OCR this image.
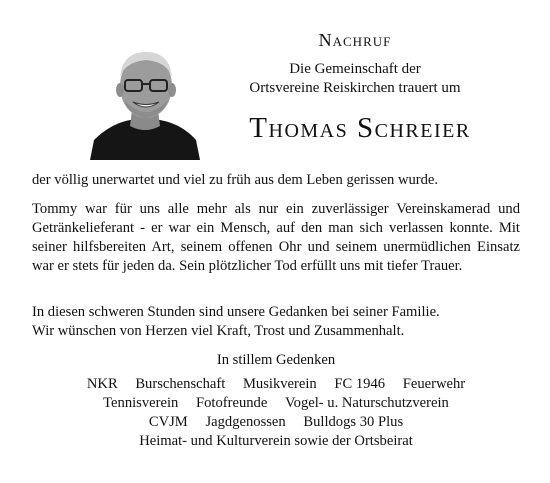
Nachruf
Die Gemeinschaft der
Ortsvereine Reiskirchen trauert um
Thomas Schreier
der völlig unerwartet und viel zu früh aus dem Leben gerissen wurde.
Tommy war für uns alle mehr als nur ein zuverlässiger Vereinskamerad und Getränkelieferant - er war ein Mensch, auf den man sich verlassen konnte. Mit seiner hilfsbereiten Art, seinem offenen Ohr und seinem unermüdlichen Einsatz war er stets für jeden da. Sein plötzlicher Tod erfüllt uns mit tiefer Trauer.
In diesen schweren Stunden sind unsere Gedanken bei seiner Familie.
Wir wünschen von Herzen viel Kraft, Trost und Zusammenhalt.
In stillem Gedenken
NKR Burschenschaft Musikverein FC 1946 Feuerwehr
Tennisverein Fotofreunde Vogel- u. Naturschutzverein
CVJM Jagdgenossen Bulldogs 30 Plus
Heimat- und Kulturverein sowie der Ortsbeirat
